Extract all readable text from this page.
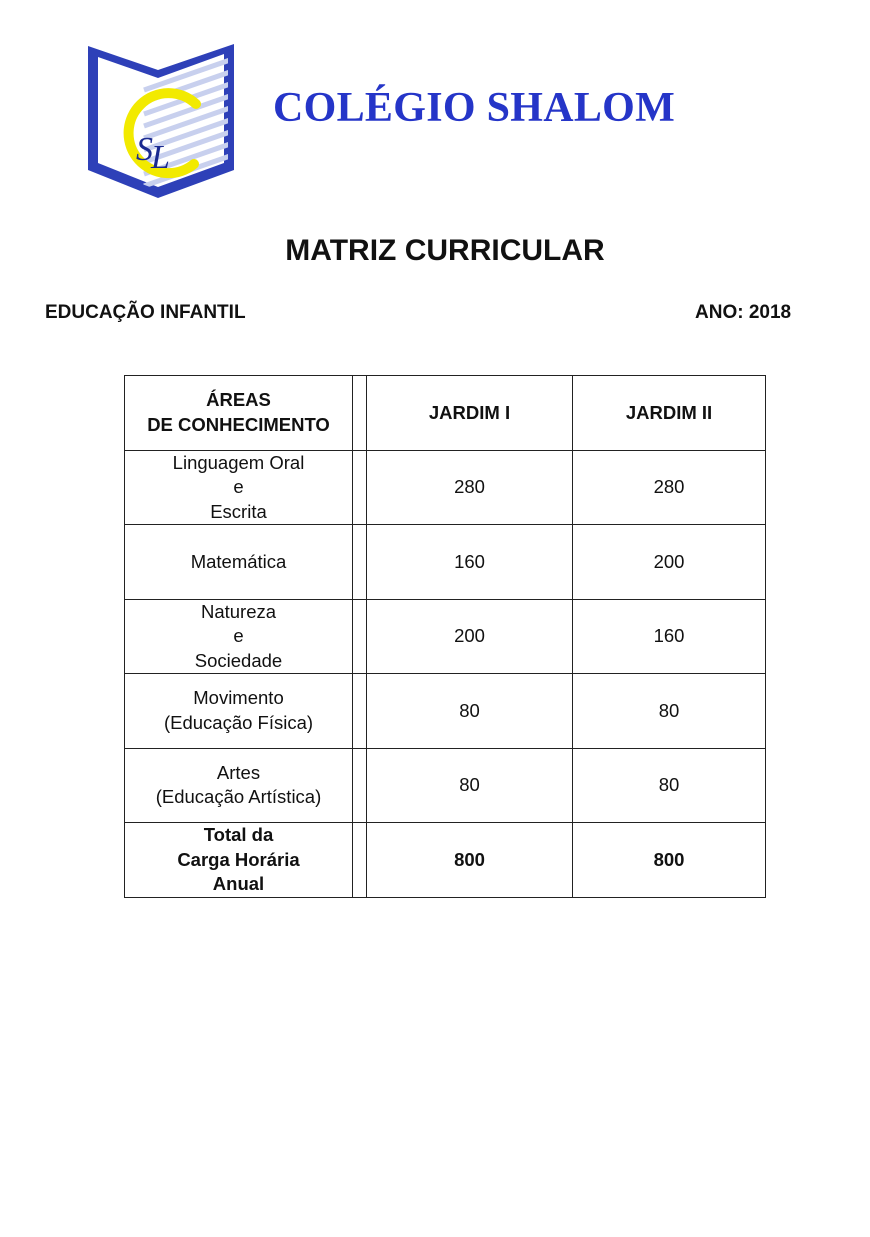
SL
COLÉGIO SHALOM
MATRIZ CURRICULAR
EDUCAÇÃO INFANTIL	ANO: 2018
ÁREAS
DE CONHECIMENTO		JARDIM I	JARDIM II

Linguagem Oral
e
Escrita		280	280

Matemática		160	200

Natureza
e
Sociedade		200	160

Movimento
(Educação Física)		80	80

Artes
(Educação Artística)		80	80

Total da
Carga Horária
Anual		800	800
